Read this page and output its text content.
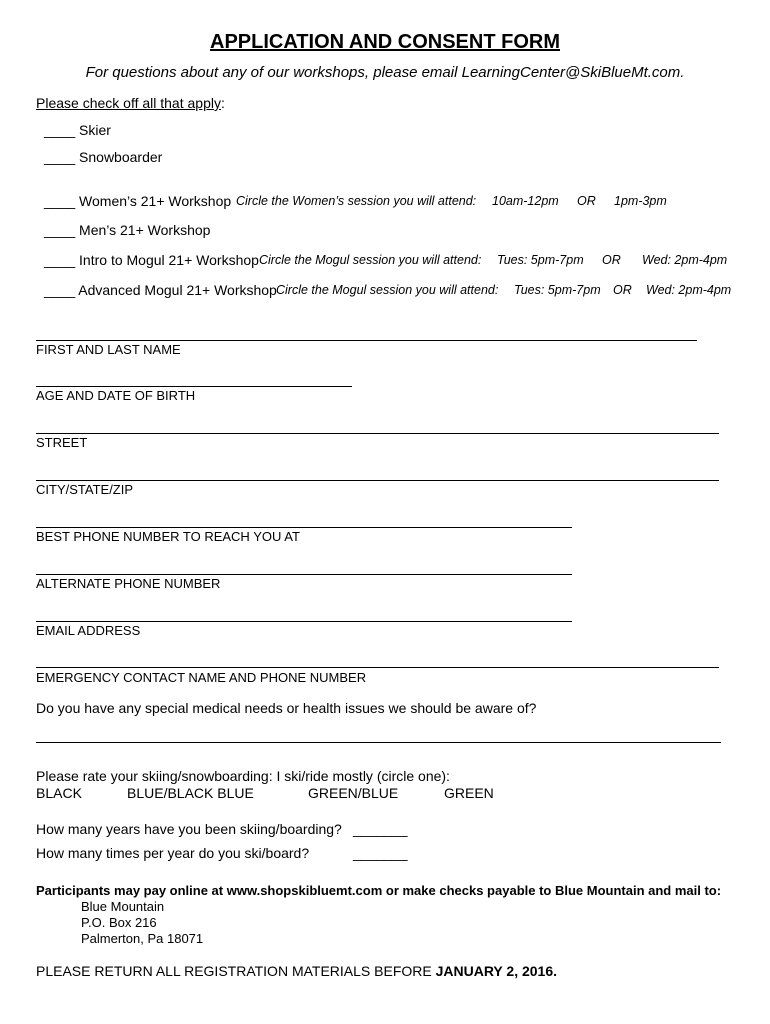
APPLICATION AND CONSENT FORM
For questions about any of our workshops, please email LearningCenter@SkiBlueMt.com.
Please check off all that apply:
____ Skier
____ Snowboarder
____ Women’s 21+ Workshop Circle the Women’s session you will attend: 10am-12pm OR 1pm-3pm
____ Men’s 21+ Workshop
____ Intro to Mogul 21+ Workshop Circle the Mogul session you will attend: Tues: 5pm-7pm OR Wed: 2pm-4pm
____ Advanced Mogul 21+ Workshop Circle the Mogul session you will attend: Tues: 5pm-7pm OR Wed: 2pm-4pm
FIRST AND LAST NAME
AGE AND DATE OF BIRTH
STREET
CITY/STATE/ZIP
BEST PHONE NUMBER TO REACH YOU AT
ALTERNATE PHONE NUMBER
EMAIL ADDRESS
EMERGENCY CONTACT NAME AND PHONE NUMBER
Do you have any special medical needs or health issues we should be aware of?
Please rate your skiing/snowboarding: I ski/ride mostly (circle one):
BLACK	BLUE/BLACK BLUE	GREEN/BLUE	GREEN
How many years have you been skiing/boarding? _______
How many times per year do you ski/board?	_______
Participants may pay online at www.shopskibluemt.com or make checks payable to Blue Mountain and mail to:
Blue Mountain
P.O. Box 216
Palmerton, Pa 18071
PLEASE RETURN ALL REGISTRATION MATERIALS BEFORE JANUARY 2, 2016.
